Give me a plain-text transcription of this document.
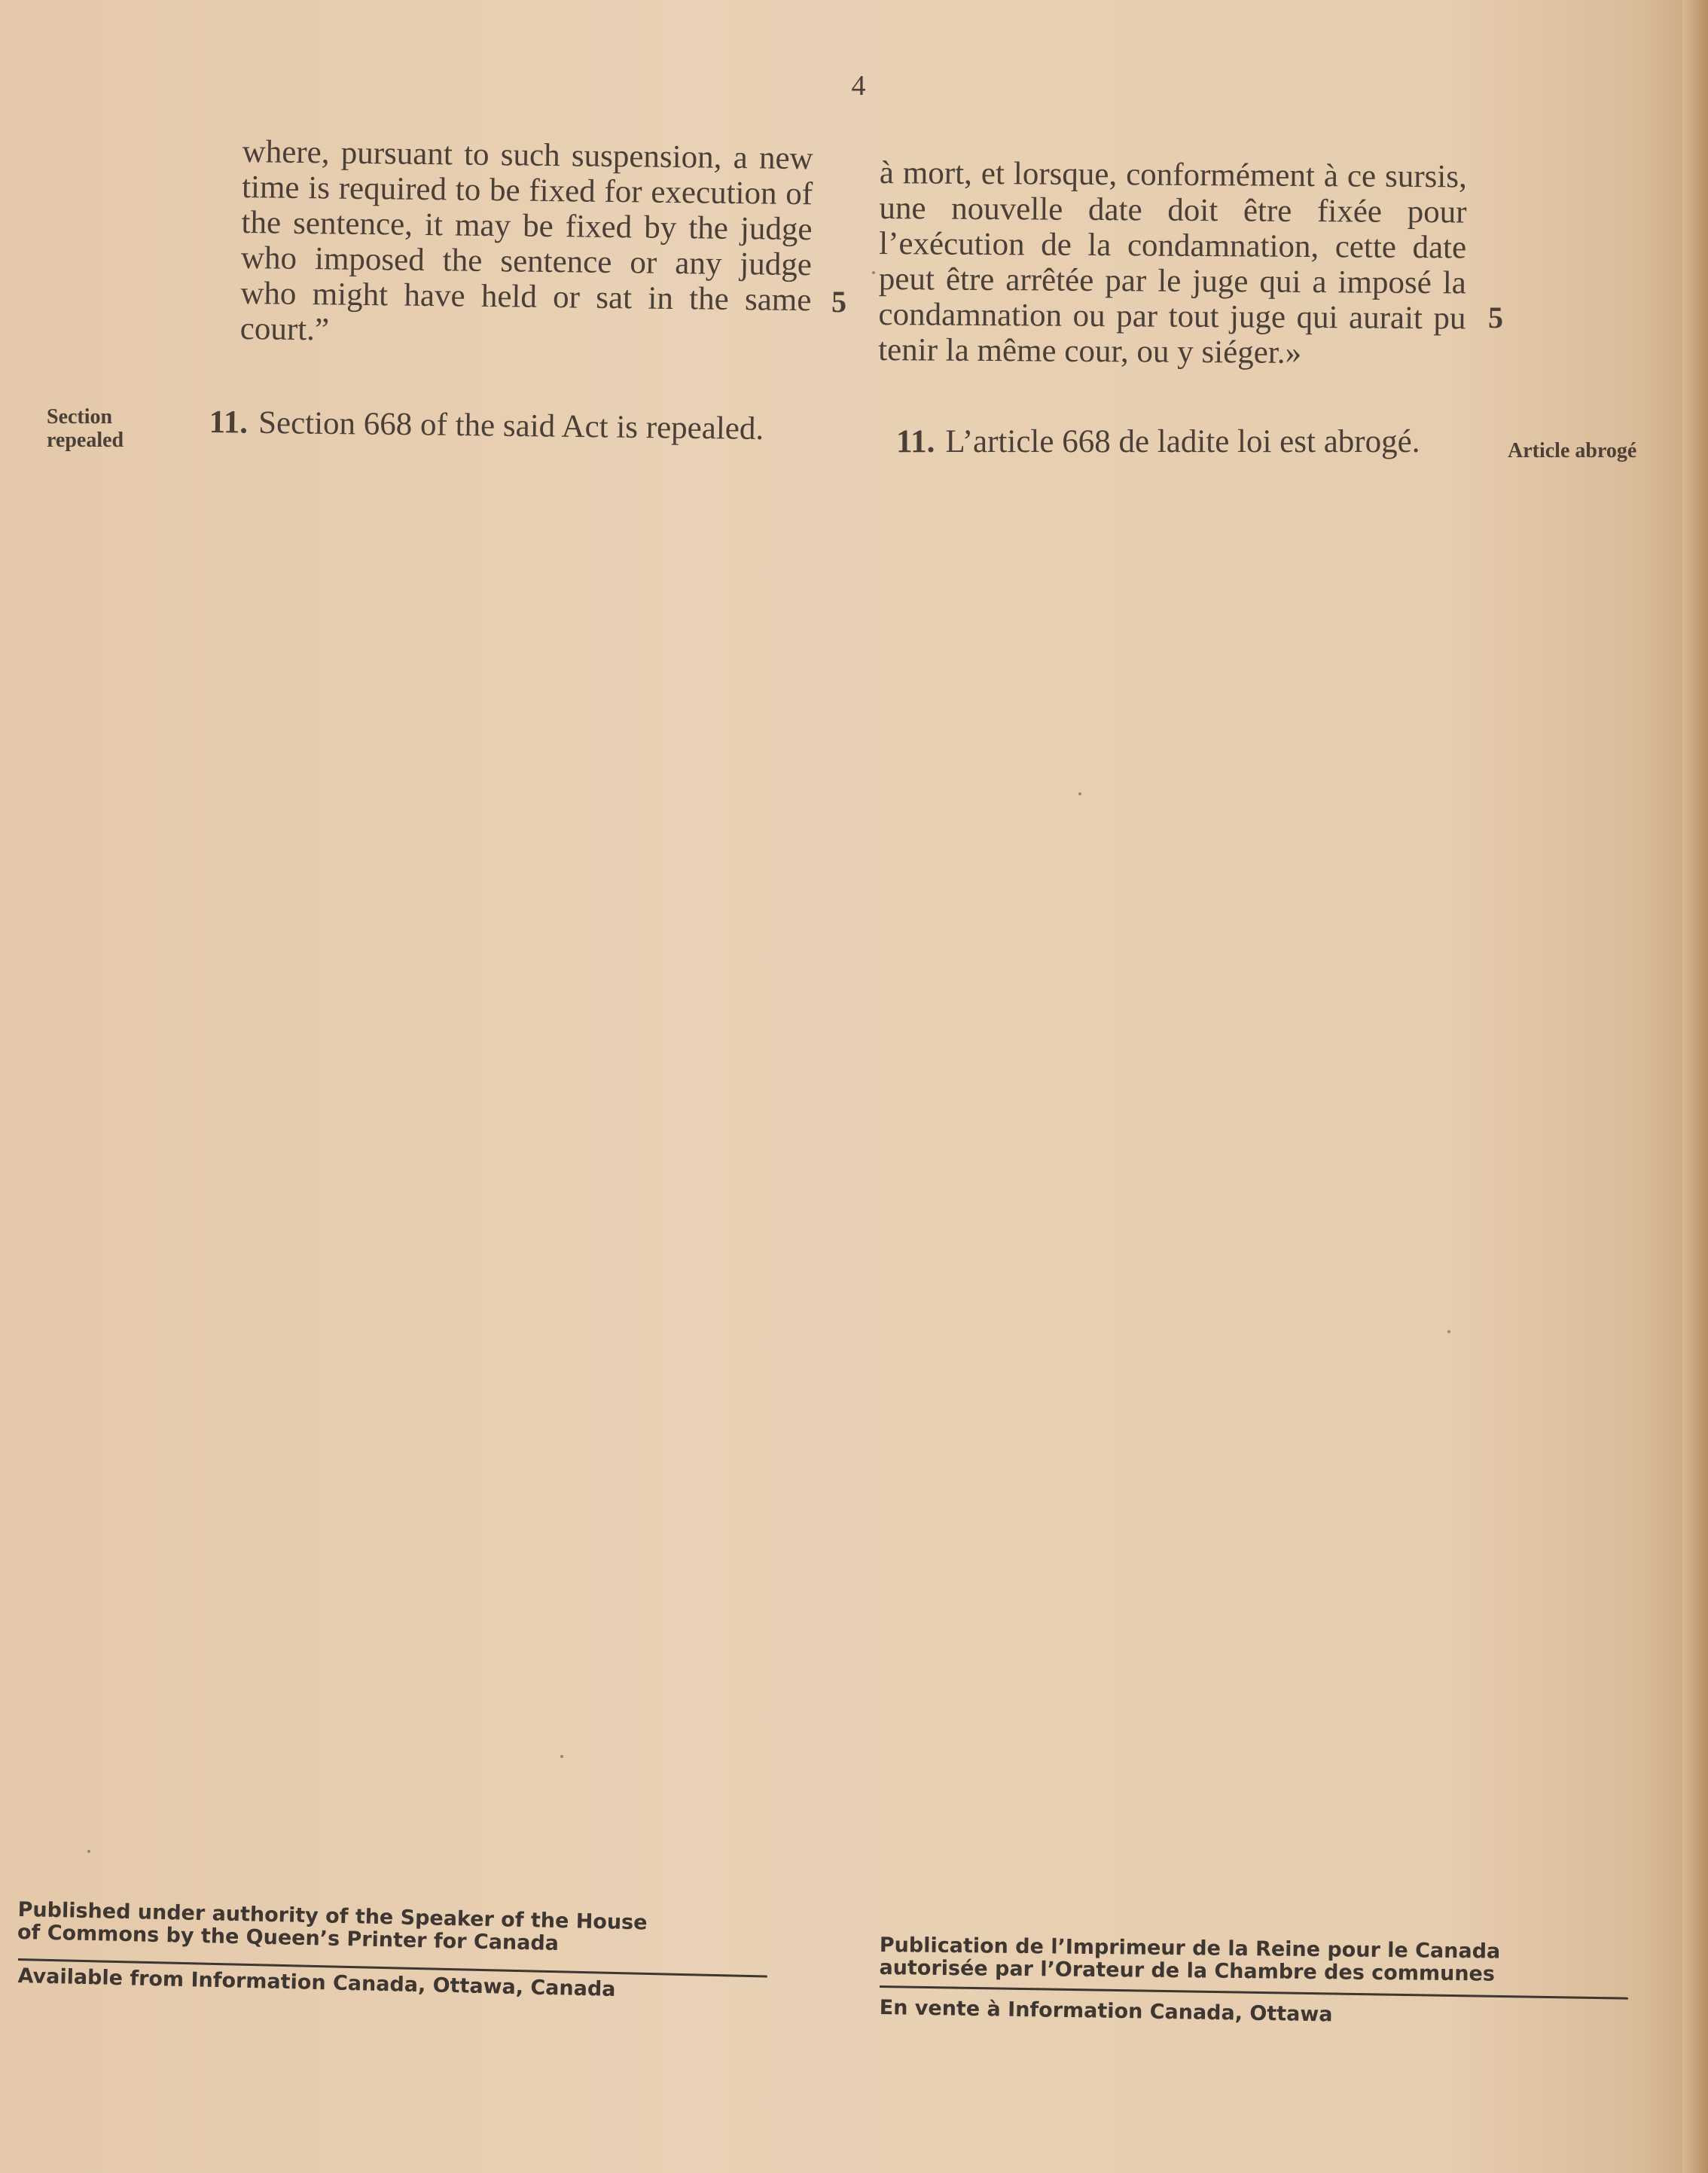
4

where, pursuant to such suspension, a new time is required to be fixed for execution of the sentence, it may be fixed by the judge who imposed the sentence or any judge who might have held or sat in the same court.”

5

à mort, et lorsque, conformément à ce sursis, une nouvelle date doit être fixée pour l’exécution de la condamnation, cette date peut être arrêtée par le juge qui a imposé la condamnation ou par tout juge qui aurait pu tenir la même cour, ou y siéger.»

5
Section repealed	11. Section 668 of the said Act is repealed.	11. L’article 668 de ladite loi est abrogé.	Article abrogé

Published under authority of the Speaker of the House of Commons by the Queen’s Printer for Canada

Available from Information Canada, Ottawa, Canada

Publication de l’Imprimeur de la Reine pour le Canada autorisée par l’Orateur de la Chambre des communes

En vente à Information Canada, Ottawa
